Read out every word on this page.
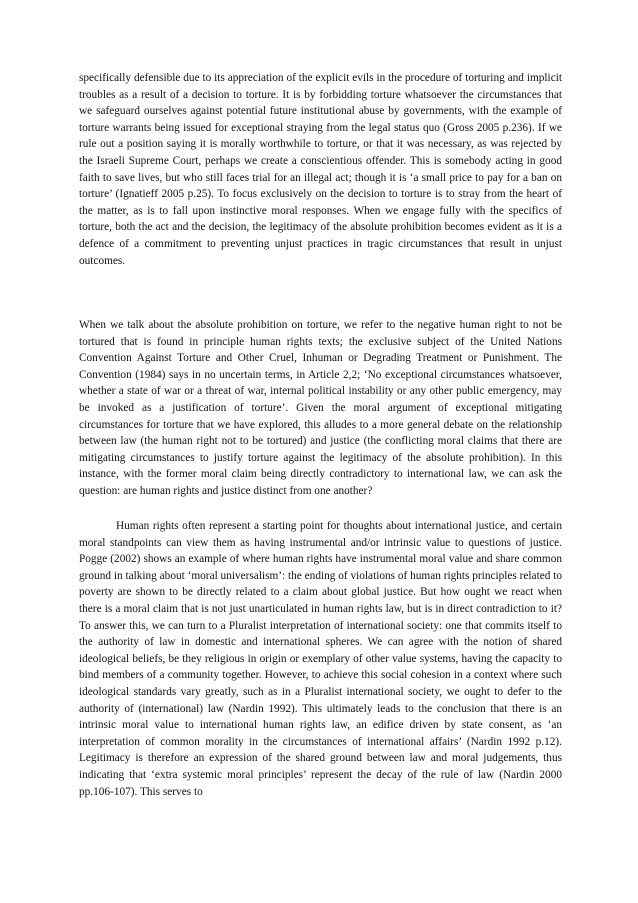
specifically defensible due to its appreciation of the explicit evils in the procedure of torturing and implicit troubles as a result of a decision to torture. It is by forbidding torture whatsoever the circumstances that we safeguard ourselves against potential future institutional abuse by governments, with the example of torture warrants being issued for exceptional straying from the legal status quo (Gross 2005 p.236). If we rule out a position saying it is morally worthwhile to torture, or that it was necessary, as was rejected by the Israeli Supreme Court, perhaps we create a conscientious offender. This is somebody acting in good faith to save lives, but who still faces trial for an illegal act; though it is ‘a small price to pay for a ban on torture’ (Ignatieff 2005 p.25). To focus exclusively on the decision to torture is to stray from the heart of the matter, as is to fall upon instinctive moral responses. When we engage fully with the specifics of torture, both the act and the decision, the legitimacy of the absolute prohibition becomes evident as it is a defence of a commitment to preventing unjust practices in tragic circumstances that result in unjust outcomes.

When we talk about the absolute prohibition on torture, we refer to the negative human right to not be tortured that is found in principle human rights texts; the exclusive subject of the United Nations Convention Against Torture and Other Cruel, Inhuman or Degrading Treatment or Punishment. The Convention (1984) says in no uncertain terms, in Article 2,2; ‘No exceptional circumstances whatsoever, whether a state of war or a threat of war, internal political instability or any other public emergency, may be invoked as a justification of torture’. Given the moral argument of exceptional mitigating circumstances for torture that we have explored, this alludes to a more general debate on the relationship between law (the human right not to be tortured) and justice (the conflicting moral claims that there are mitigating circumstances to justify torture against the legitimacy of the absolute prohibition). In this instance, with the former moral claim being directly contradictory to international law, we can ask the question: are human rights and justice distinct from one another?

Human rights often represent a starting point for thoughts about international justice, and certain moral standpoints can view them as having instrumental and/or intrinsic value to questions of justice. Pogge (2002) shows an example of where human rights have instrumental moral value and share common ground in talking about ‘moral universalism’: the ending of violations of human rights principles related to poverty are shown to be directly related to a claim about global justice. But how ought we react when there is a moral claim that is not just unarticulated in human rights law, but is in direct contradiction to it? To answer this, we can turn to a Pluralist interpretation of international society: one that commits itself to the authority of law in domestic and international spheres. We can agree with the notion of shared ideological beliefs, be they religious in origin or exemplary of other value systems, having the capacity to bind members of a community together. However, to achieve this social cohesion in a context where such ideological standards vary greatly, such as in a Pluralist international society, we ought to defer to the authority of (international) law (Nardin 1992). This ultimately leads to the conclusion that there is an intrinsic moral value to international human rights law, an edifice driven by state consent, as ‘an interpretation of common morality in the circumstances of international affairs’ (Nardin 1992 p.12). Legitimacy is therefore an expression of the shared ground between law and moral judgements, thus indicating that ‘extra systemic moral principles’ represent the decay of the rule of law (Nardin 2000 pp.106-107). This serves to
